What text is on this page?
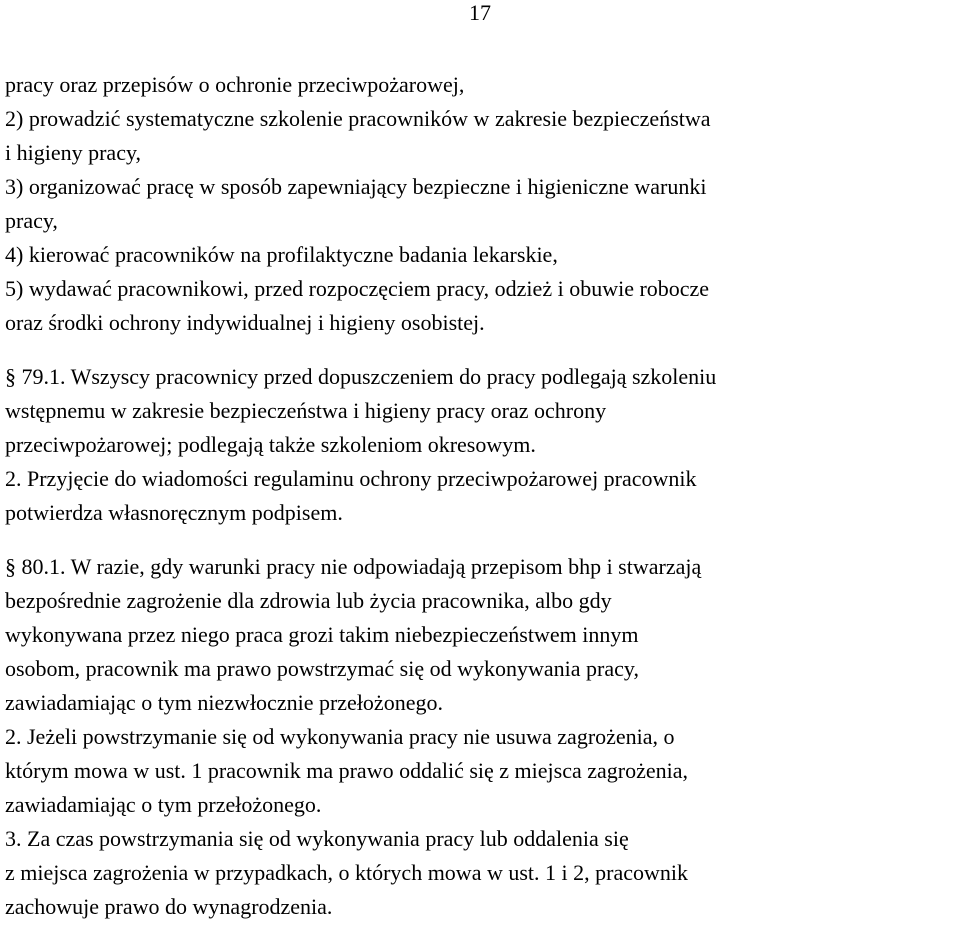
17
pracy oraz przepisów o ochronie przeciwpożarowej,
2) prowadzić systematyczne szkolenie pracowników w zakresie bezpieczeństwa
i higieny pracy,
3) organizować pracę w sposób zapewniający bezpieczne i higieniczne warunki
pracy,
4) kierować pracowników na profilaktyczne badania lekarskie,
5) wydawać pracownikowi, przed rozpoczęciem pracy, odzież i obuwie robocze
oraz środki ochrony indywidualnej i higieny osobistej.
§ 79.1. Wszyscy pracownicy przed dopuszczeniem do pracy podlegają szkoleniu
wstępnemu w zakresie bezpieczeństwa i higieny pracy oraz ochrony
przeciwpożarowej; podlegają także szkoleniom okresowym.
2. Przyjęcie do wiadomości regulaminu ochrony przeciwpożarowej pracownik
potwierdza własnoręcznym podpisem.
§ 80.1. W razie, gdy warunki pracy nie odpowiadają przepisom bhp i stwarzają
bezpośrednie zagrożenie dla zdrowia lub życia pracownika, albo gdy
wykonywana przez niego praca grozi takim niebezpieczeństwem innym
osobom, pracownik ma prawo powstrzymać się od wykonywania pracy,
zawiadamiając o tym niezwłocznie przełożonego.
2. Jeżeli powstrzymanie się od wykonywania pracy nie usuwa zagrożenia, o
którym mowa w ust. 1 pracownik ma prawo oddalić się z miejsca zagrożenia,
zawiadamiając o tym przełożonego.
3. Za czas powstrzymania się od wykonywania pracy lub oddalenia się
z miejsca zagrożenia w przypadkach, o których mowa w ust. 1 i 2, pracownik
zachowuje prawo do wynagrodzenia.
